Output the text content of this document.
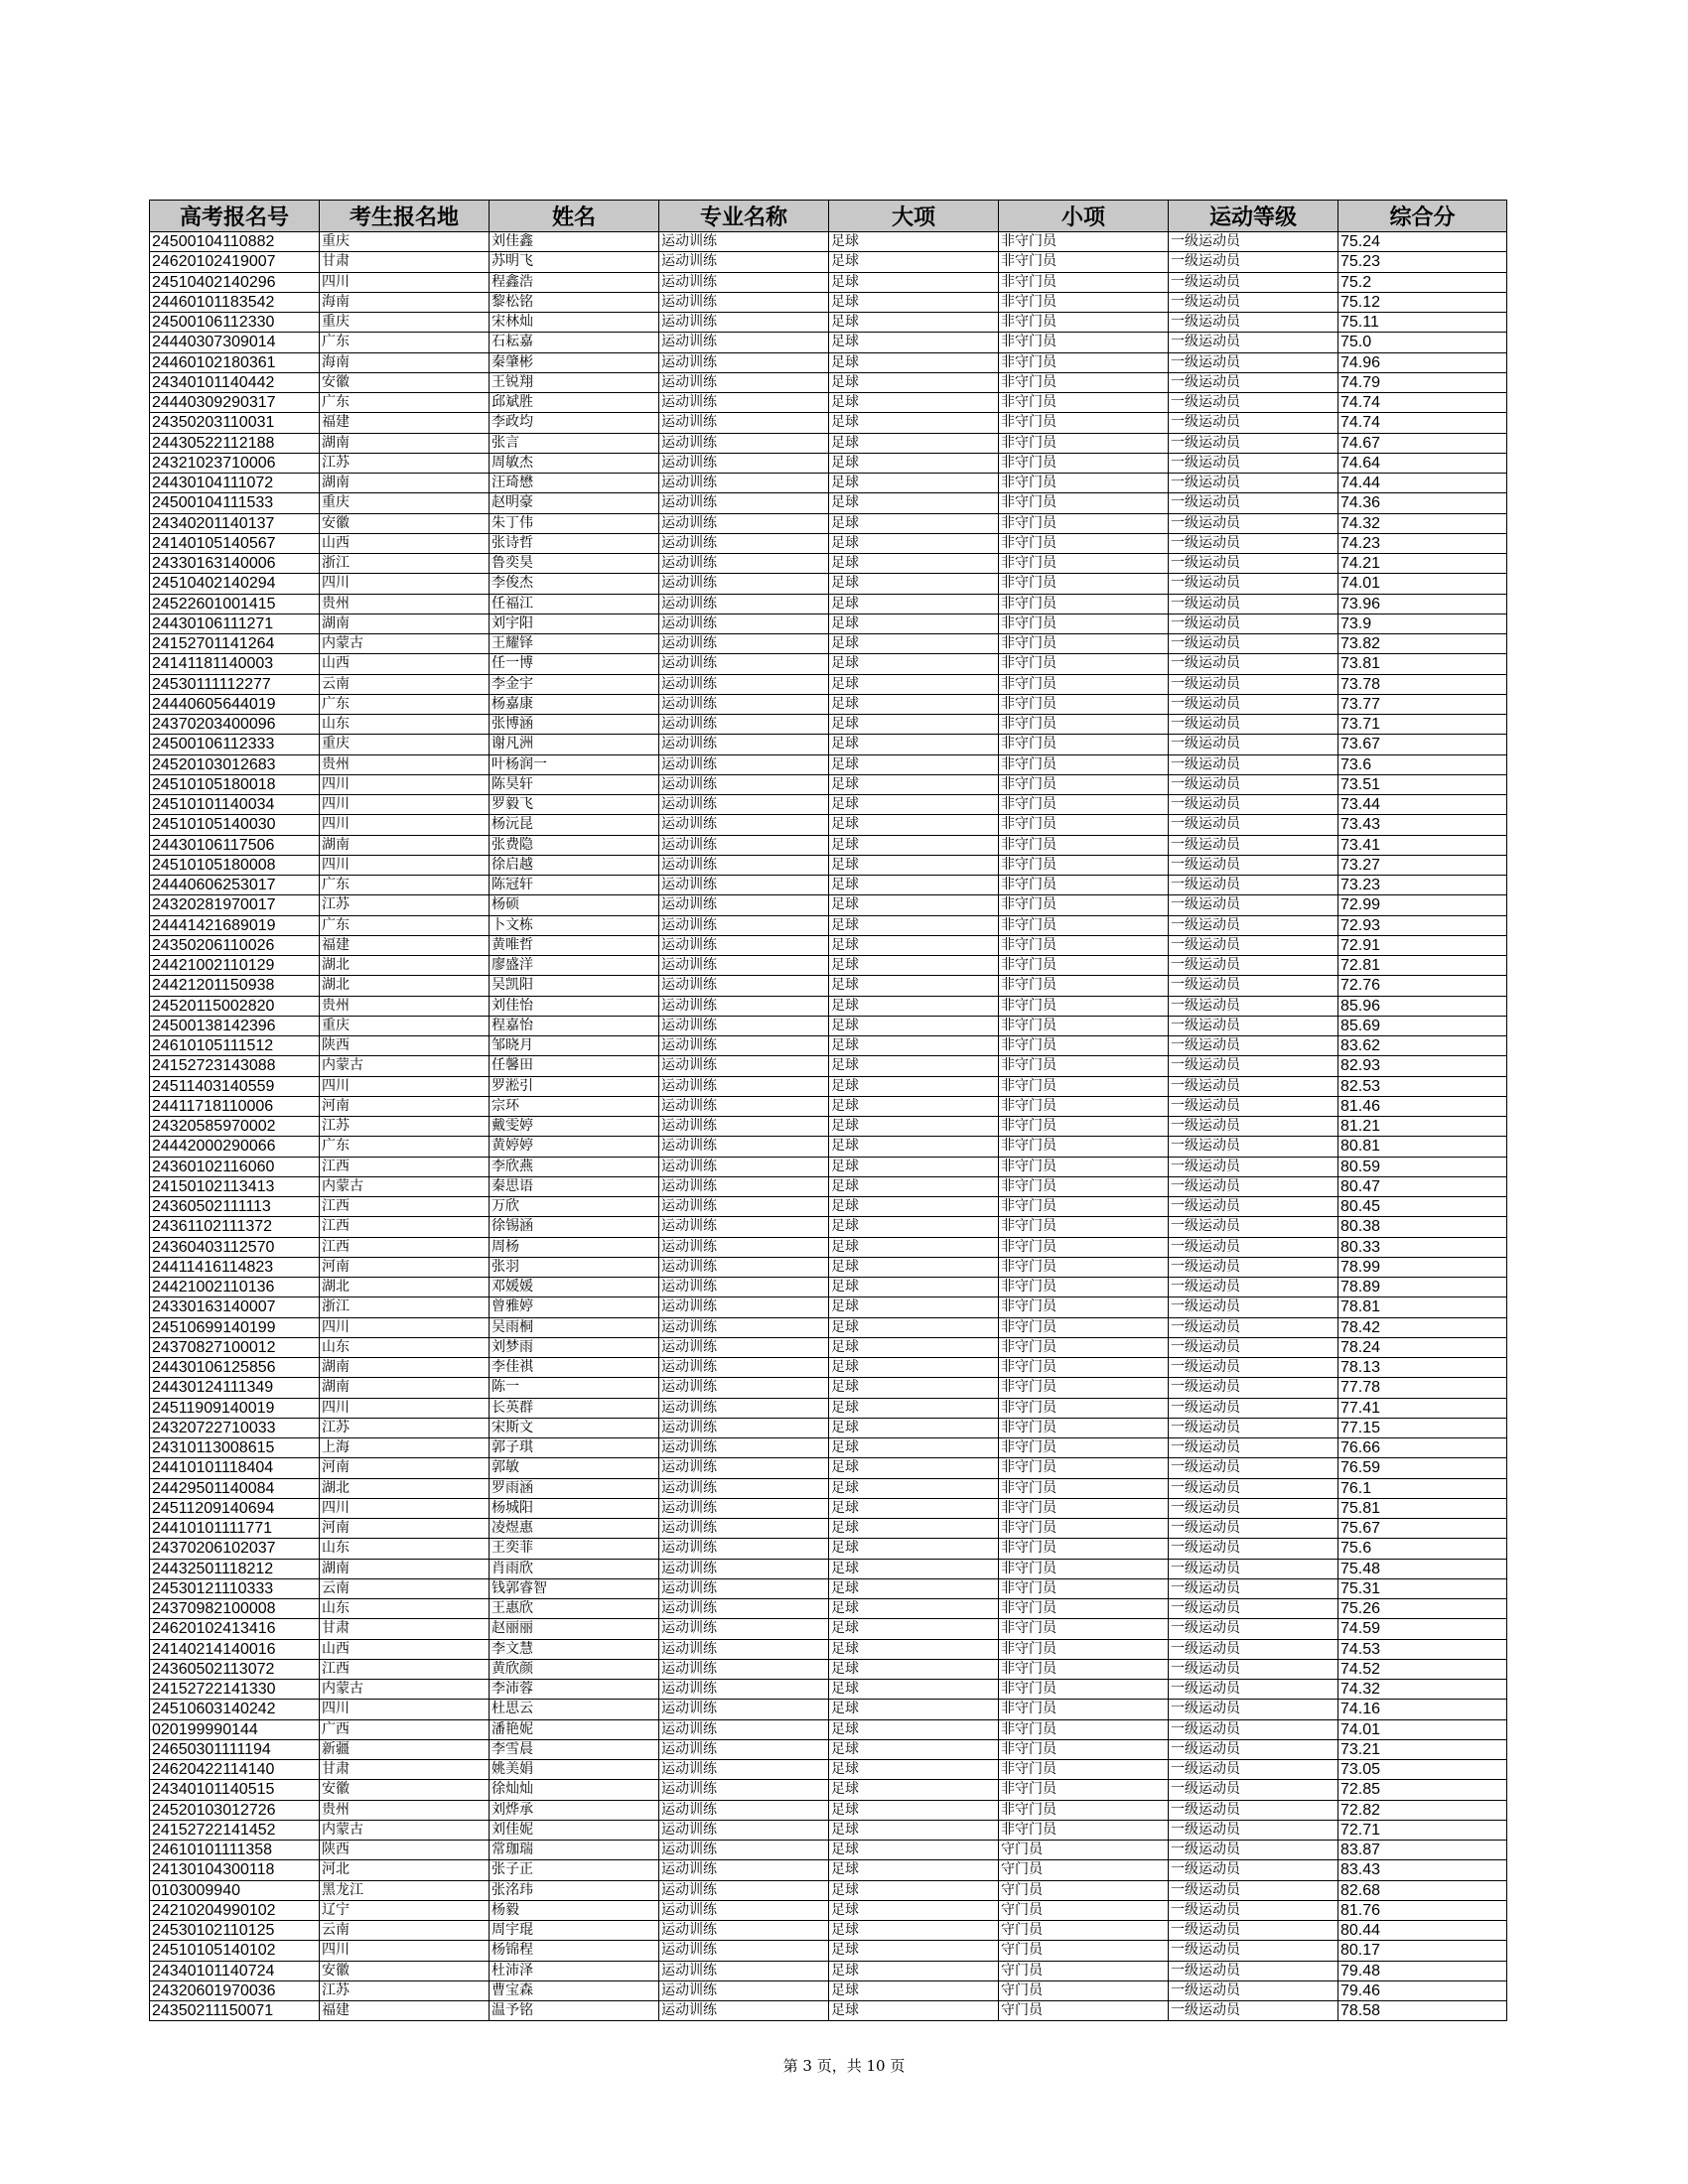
高考报名号	考生报名地	姓名	专业名称	大项	小项	运动等级	综合分
24500104110882	重庆	刘佳鑫	运动训练	足球	非守门员	一级运动员	75.24
24620102419007	甘肃	苏明飞	运动训练	足球	非守门员	一级运动员	75.23
24510402140296	四川	程鑫浩	运动训练	足球	非守门员	一级运动员	75.2
24460101183542	海南	黎松铭	运动训练	足球	非守门员	一级运动员	75.12
24500106112330	重庆	宋林灿	运动训练	足球	非守门员	一级运动员	75.11
24440307309014	广东	石耘嘉	运动训练	足球	非守门员	一级运动员	75.0
24460102180361	海南	秦肇彬	运动训练	足球	非守门员	一级运动员	74.96
24340101140442	安徽	王锐翔	运动训练	足球	非守门员	一级运动员	74.79
24440309290317	广东	邱斌胜	运动训练	足球	非守门员	一级运动员	74.74
24350203110031	福建	李政均	运动训练	足球	非守门员	一级运动员	74.74
24430522112188	湖南	张言	运动训练	足球	非守门员	一级运动员	74.67
24321023710006	江苏	周敏杰	运动训练	足球	非守门员	一级运动员	74.64
24430104111072	湖南	汪琦懋	运动训练	足球	非守门员	一级运动员	74.44
24500104111533	重庆	赵明豪	运动训练	足球	非守门员	一级运动员	74.36
24340201140137	安徽	朱丁伟	运动训练	足球	非守门员	一级运动员	74.32
24140105140567	山西	张诗哲	运动训练	足球	非守门员	一级运动员	74.23
24330163140006	浙江	鲁奕昊	运动训练	足球	非守门员	一级运动员	74.21
24510402140294	四川	李俊杰	运动训练	足球	非守门员	一级运动员	74.01
24522601001415	贵州	任福江	运动训练	足球	非守门员	一级运动员	73.96
24430106111271	湖南	刘宇阳	运动训练	足球	非守门员	一级运动员	73.9
24152701141264	内蒙古	王耀铎	运动训练	足球	非守门员	一级运动员	73.82
24141181140003	山西	任一博	运动训练	足球	非守门员	一级运动员	73.81
24530111112277	云南	李金宇	运动训练	足球	非守门员	一级运动员	73.78
24440605644019	广东	杨嘉康	运动训练	足球	非守门员	一级运动员	73.77
24370203400096	山东	张博涵	运动训练	足球	非守门员	一级运动员	73.71
24500106112333	重庆	谢凡洲	运动训练	足球	非守门员	一级运动员	73.67
24520103012683	贵州	叶杨润一	运动训练	足球	非守门员	一级运动员	73.6
24510105180018	四川	陈昊轩	运动训练	足球	非守门员	一级运动员	73.51
24510101140034	四川	罗毅飞	运动训练	足球	非守门员	一级运动员	73.44
24510105140030	四川	杨沅昆	运动训练	足球	非守门员	一级运动员	73.43
24430106117506	湖南	张费隐	运动训练	足球	非守门员	一级运动员	73.41
24510105180008	四川	徐启越	运动训练	足球	非守门员	一级运动员	73.27
24440606253017	广东	陈冠轩	运动训练	足球	非守门员	一级运动员	73.23
24320281970017	江苏	杨硕	运动训练	足球	非守门员	一级运动员	72.99
24441421689019	广东	卜文栋	运动训练	足球	非守门员	一级运动员	72.93
24350206110026	福建	黄唯哲	运动训练	足球	非守门员	一级运动员	72.91
24421002110129	湖北	廖盛洋	运动训练	足球	非守门员	一级运动员	72.81
24421201150938	湖北	吴凯阳	运动训练	足球	非守门员	一级运动员	72.76
24520115002820	贵州	刘佳怡	运动训练	足球	非守门员	一级运动员	85.96
24500138142396	重庆	程嘉怡	运动训练	足球	非守门员	一级运动员	85.69
24610105111512	陕西	邹晓月	运动训练	足球	非守门员	一级运动员	83.62
24152723143088	内蒙古	任馨田	运动训练	足球	非守门员	一级运动员	82.93
24511403140559	四川	罗淞引	运动训练	足球	非守门员	一级运动员	82.53
24411718110006	河南	宗环	运动训练	足球	非守门员	一级运动员	81.46
24320585970002	江苏	戴雯婷	运动训练	足球	非守门员	一级运动员	81.21
24442000290066	广东	黄婷婷	运动训练	足球	非守门员	一级运动员	80.81
24360102116060	江西	李欣燕	运动训练	足球	非守门员	一级运动员	80.59
24150102113413	内蒙古	秦思语	运动训练	足球	非守门员	一级运动员	80.47
24360502111113	江西	万欣	运动训练	足球	非守门员	一级运动员	80.45
24361102111372	江西	徐锡涵	运动训练	足球	非守门员	一级运动员	80.38
24360403112570	江西	周杨	运动训练	足球	非守门员	一级运动员	80.33
24411416114823	河南	张羽	运动训练	足球	非守门员	一级运动员	78.99
24421002110136	湖北	邓媛媛	运动训练	足球	非守门员	一级运动员	78.89
24330163140007	浙江	曾雅婷	运动训练	足球	非守门员	一级运动员	78.81
24510699140199	四川	吴雨桐	运动训练	足球	非守门员	一级运动员	78.42
24370827100012	山东	刘梦雨	运动训练	足球	非守门员	一级运动员	78.24
24430106125856	湖南	李佳祺	运动训练	足球	非守门员	一级运动员	78.13
24430124111349	湖南	陈一	运动训练	足球	非守门员	一级运动员	77.78
24511909140019	四川	长英群	运动训练	足球	非守门员	一级运动员	77.41
24320722710033	江苏	宋斯文	运动训练	足球	非守门员	一级运动员	77.15
24310113008615	上海	郭子琪	运动训练	足球	非守门员	一级运动员	76.66
24410101118404	河南	郭敏	运动训练	足球	非守门员	一级运动员	76.59
24429501140084	湖北	罗雨涵	运动训练	足球	非守门员	一级运动员	76.1
24511209140694	四川	杨城阳	运动训练	足球	非守门员	一级运动员	75.81
24410101111771	河南	凌煜惠	运动训练	足球	非守门员	一级运动员	75.67
24370206102037	山东	王奕菲	运动训练	足球	非守门员	一级运动员	75.6
24432501118212	湖南	肖雨欣	运动训练	足球	非守门员	一级运动员	75.48
24530121110333	云南	钱郭睿智	运动训练	足球	非守门员	一级运动员	75.31
24370982100008	山东	王惠欣	运动训练	足球	非守门员	一级运动员	75.26
24620102413416	甘肃	赵丽丽	运动训练	足球	非守门员	一级运动员	74.59
24140214140016	山西	李文慧	运动训练	足球	非守门员	一级运动员	74.53
24360502113072	江西	黄欣颜	运动训练	足球	非守门员	一级运动员	74.52
24152722141330	内蒙古	李沛蓉	运动训练	足球	非守门员	一级运动员	74.32
24510603140242	四川	杜思云	运动训练	足球	非守门员	一级运动员	74.16
020199990144	广西	潘艳妮	运动训练	足球	非守门员	一级运动员	74.01
24650301111194	新疆	李雪晨	运动训练	足球	非守门员	一级运动员	73.21
24620422114140	甘肃	姚美娟	运动训练	足球	非守门员	一级运动员	73.05
24340101140515	安徽	徐灿灿	运动训练	足球	非守门员	一级运动员	72.85
24520103012726	贵州	刘烨承	运动训练	足球	非守门员	一级运动员	72.82
24152722141452	内蒙古	刘佳妮	运动训练	足球	非守门员	一级运动员	72.71
24610101111358	陕西	常珈瑞	运动训练	足球	守门员	一级运动员	83.87
24130104300118	河北	张子正	运动训练	足球	守门员	一级运动员	83.43
0103009940	黑龙江	张洺玮	运动训练	足球	守门员	一级运动员	82.68
24210204990102	辽宁	杨毅	运动训练	足球	守门员	一级运动员	81.76
24530102110125	云南	周宇琨	运动训练	足球	守门员	一级运动员	80.44
24510105140102	四川	杨锦程	运动训练	足球	守门员	一级运动员	80.17
24340101140724	安徽	杜沛泽	运动训练	足球	守门员	一级运动员	79.48
24320601970036	江苏	曹宝森	运动训练	足球	守门员	一级运动员	79.46
24350211150071	福建	温予铭	运动训练	足球	守门员	一级运动员	78.58
第 3 页，共 10 页
